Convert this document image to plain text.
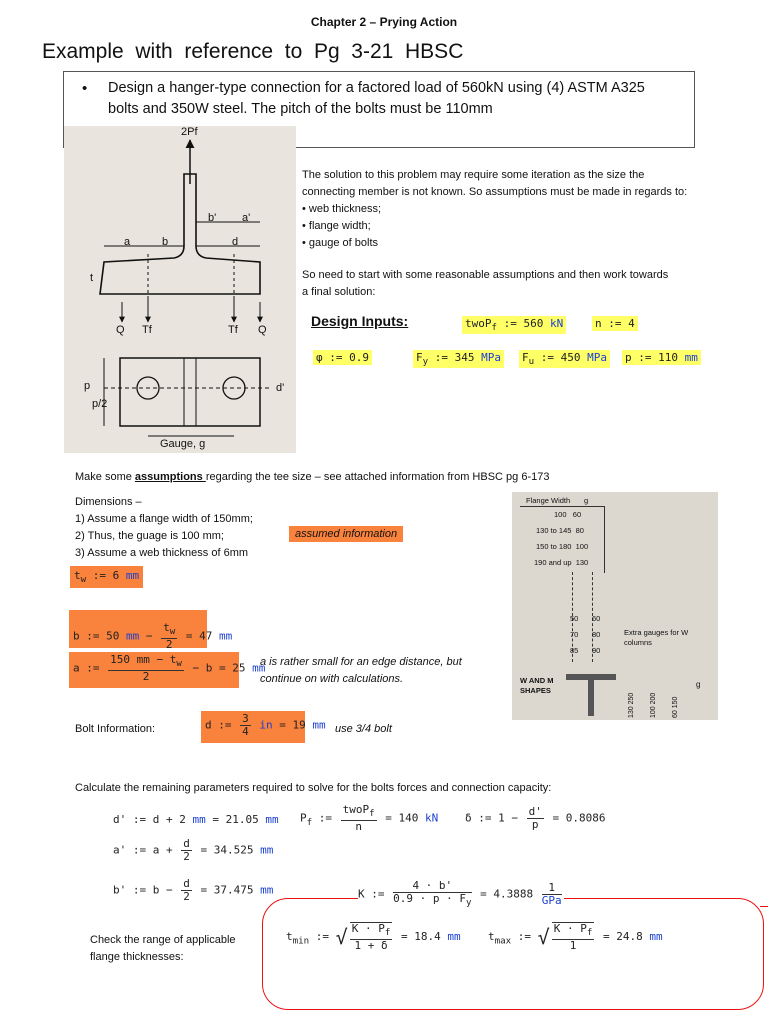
Chapter 2 – Prying Action
Example  with  reference  to  Pg  3-21  HBSC
• Design a hanger-type connection for a factored load of 560kN using (4) ASTM A325
bolts and 350W steel. The pitch of the bolts must be 110mm
2Pf
b' a'
a	b	d
t
Q Tf	Tf Q
p
p/2
d'
Gauge, g
The solution to this problem may require some iteration as the size the
connecting member is not known. So assumptions must be made in regards to:
• web thickness;
• flange width;
• gauge of bolts
So need to start with some reasonable assumptions and then work towards
a final solution:
Design Inputs:	twoP$_f$ := 560 kN	n := 4
φ := 0.9	$F_y$ := 345 MPa $F_u$ := 450 MPa p := 110 mm
Make some assumptions regarding the tee size – see attached information from HBSC pg 6-173
Dimensions –
1) Assume a flange width of 150mm;
2) Thus, the guage is 100 mm;
3) Assume a web thickness of 6mm
assumed information
$t_w$ := 6 mm
Flange Width g
100 60
130 to 145 80
150 to 180 100
190 and up 130
50 60
70 80
85 90
Extra gauges for W columns
W AND M SHAPES
130 250
100 200
60 150
g
b := 50 mm − $\frac{t_w}{2} = 47$ mm
a := $\frac{150 mm - t_w}{2} - b = 25$ mm
a is rather small for an edge distance, but
continue on with calculations.
Bolt Information:	d := $\frac{3}{4}$ in = 19 mm use 3/4 bolt
Calculate the remaining parameters required to solve for the bolts forces and connection capacity:
d' := d + 2 mm = 21.05 mm $P_f$ := $\frac{twoP_f}{n} = 140$ kN δ := $1 - \frac{d'}{p} = 0.8086$
a' := $a + \frac{d}{2} = 34.525$ mm
b' := $b - \frac{d}{2} = 37.475$ mm	K := $\frac{4 \cdot b'}{0.9 \cdot p \cdot F_y} = 4.3888 \frac{1}{\text{GPa}}$
Check the range of applicable
flange thicknesses:
$t_{min}$ := √ $\frac{K \cdot P_f}{1 + \delta} = 18.4$ mm $t_{max}$ := √ $\frac{K \cdot P_f}{1} = 24.8$ mm
